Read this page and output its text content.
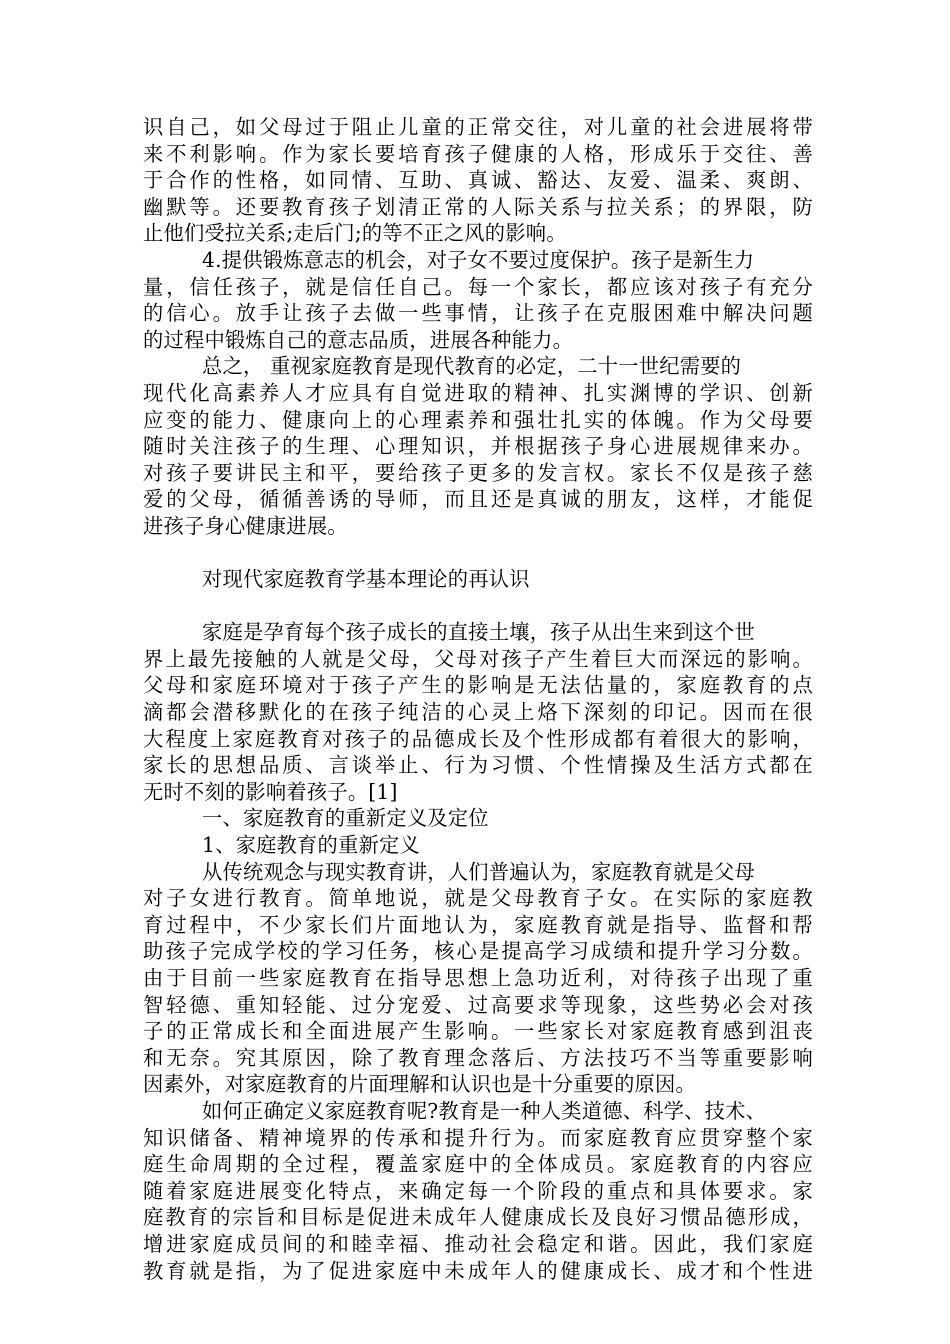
识自己，如父母过于阻止儿童的正常交往，对儿童的社会进展将带
来不利影响。作为家长要培育孩子健康的人格，形成乐于交往、善
于合作的性格，如同情、互助、真诚、豁达、友爱、温柔、爽朗、
幽默等。还要教育孩子划清正常的人际关系与拉关系；的界限，防
止他们受拉关系;走后门;的等不正之风的影响。
4.提供锻炼意志的机会，对子女不要过度保护。孩子是新生力
量，信任孩子，就是信任自己。每一个家长，都应该对孩子有充分
的信心。放手让孩子去做一些事情，让孩子在克服困难中解决问题
的过程中锻炼自己的意志品质，进展各种能力。
总之， 重视家庭教育是现代教育的必定，二十一世纪需要的
现代化高素养人才应具有自觉进取的精神、扎实渊博的学识、创新
应变的能力、健康向上的心理素养和强壮扎实的体魄。作为父母要
随时关注孩子的生理、心理知识，并根据孩子身心进展规律来办。
对孩子要讲民主和平，要给孩子更多的发言权。家长不仅是孩子慈
爱的父母，循循善诱的导师，而且还是真诚的朋友，这样，才能促
进孩子身心健康进展。
对现代家庭教育学基本理论的再认识
家庭是孕育每个孩子成长的直接土壤，孩子从出生来到这个世
界上最先接触的人就是父母，父母对孩子产生着巨大而深远的影响。
父母和家庭环境对于孩子产生的影响是无法估量的，家庭教育的点
滴都会潜移默化的在孩子纯洁的心灵上烙下深刻的印记。因而在很
大程度上家庭教育对孩子的品德成长及个性形成都有着很大的影响，
家长的思想品质、言谈举止、行为习惯、个性情操及生活方式都在
无时不刻的影响着孩子。[1]
一、家庭教育的重新定义及定位
1、家庭教育的重新定义
从传统观念与现实教育讲，人们普遍认为，家庭教育就是父母
对子女进行教育。简单地说，就是父母教育子女。在实际的家庭教
育过程中，不少家长们片面地认为，家庭教育就是指导、监督和帮
助孩子完成学校的学习任务，核心是提高学习成绩和提升学习分数。
由于目前一些家庭教育在指导思想上急功近利，对待孩子出现了重
智轻德、重知轻能、过分宠爱、过高要求等现象，这些势必会对孩
子的正常成长和全面进展产生影响。一些家长对家庭教育感到沮丧
和无奈。究其原因，除了教育理念落后、方法技巧不当等重要影响
因素外，对家庭教育的片面理解和认识也是十分重要的原因。
如何正确定义家庭教育呢?教育是一种人类道德、科学、技术、
知识储备、精神境界的传承和提升行为。而家庭教育应贯穿整个家
庭生命周期的全过程，覆盖家庭中的全体成员。家庭教育的内容应
随着家庭进展变化特点，来确定每一个阶段的重点和具体要求。家
庭教育的宗旨和目标是促进未成年人健康成长及良好习惯品德形成，
增进家庭成员间的和睦幸福、推动社会稳定和谐。因此，我们家庭
教育就是指，为了促进家庭中未成年人的健康成长、成才和个性进
